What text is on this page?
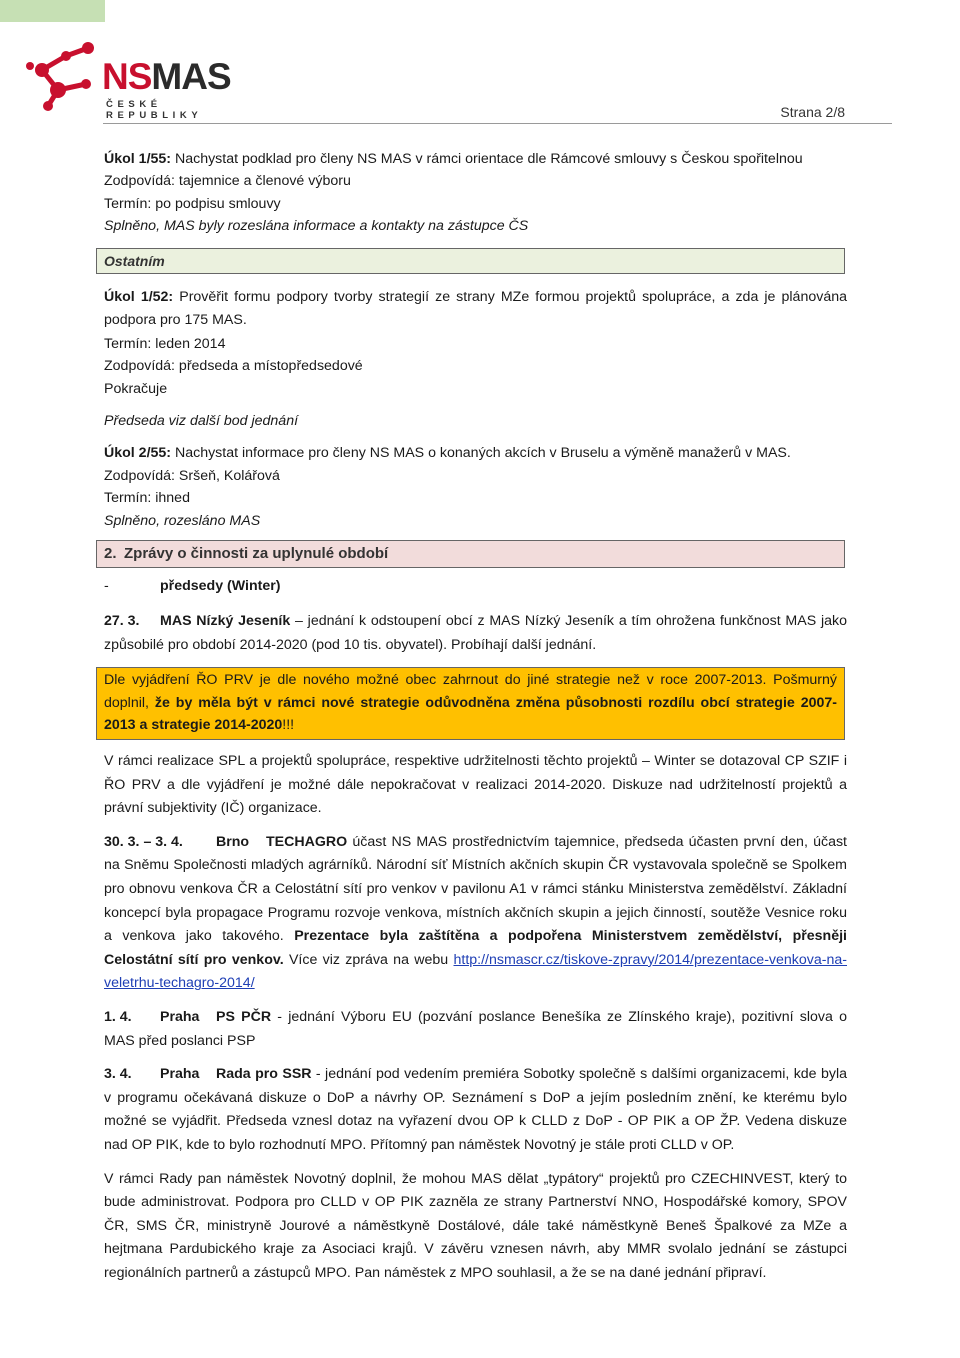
NSMAS
ČESKÉ REPUBLIKY	Strana 2/8

Úkol 1/55: Nachystat podklad pro členy NS MAS v rámci orientace dle Rámcové smlouvy s Českou spořitelnou

Zodpovídá: tajemnice a členové výboru

Termín: po podpisu smlouvy

Splněno, MAS byly rozeslána informace a kontakty na zástupce ČS

Ostatním

Úkol 1/52: Prověřit formu podpory tvorby strategií ze strany MZe formou projektů spolupráce, a zda je plánována podpora pro 175 MAS.

Termín: leden 2014

Zodpovídá: předseda a místopředsedové

Pokračuje

Předseda viz další bod jednání

Úkol 2/55: Nachystat informace pro členy NS MAS o konaných akcích v Bruselu a výměně manažerů v MAS.

Zodpovídá: Sršeň, Kolářová

Termín: ihned

Splněno, rozesláno MAS

2. Zprávy o činnosti za uplynulé období
-	předsedy (Winter)

27. 3. MAS Nízký Jeseník – jednání k odstoupení obcí z MAS Nízký Jeseník a tím ohrožena funkčnost MAS jako způsobilé pro období 2014-2020 (pod 10 tis. obyvatel). Probíhají další jednání.

Dle vyjádření ŘO PRV je dle nového možné obec zahrnout do jiné strategie než v roce 2007-2013. Pošmurný doplnil, že by měla být v rámci nové strategie odůvodněna změna působnosti rozdílu obcí strategie 2007-2013 a strategie 2014-2020!!!

V rámci realizace SPL a projektů spolupráce, respektive udržitelnosti těchto projektů – Winter se dotazoval CP SZIF i ŘO PRV a dle vyjádření je možné dále nepokračovat v realizaci 2014-2020. Diskuze nad udržitelností projektů a právní subjektivity (IČ) organizace.

30. 3. – 3. 4. Brno TECHAGRO účast NS MAS prostřednictvím tajemnice, předseda účasten první den, účast na Sněmu Společnosti mladých agrárníků. Národní síť Místních akčních skupin ČR vystavovala společně se Spolkem pro obnovu venkova ČR a Celostátní sítí pro venkov v pavilonu A1 v rámci stánku Ministerstva zemědělství. Základní koncepcí byla propagace Programu rozvoje venkova, místních akčních skupin a jejich činností, soutěže Vesnice roku a venkova jako takového. Prezentace byla zaštítěna a podpořena Ministerstvem zemědělství, přesněji Celostátní sítí pro venkov. Více viz zpráva na webu http://nsmascr.cz/tiskove-zpravy/2014/prezentace-venkova-na-veletrhu-techagro-2014/

1. 4. Praha PS PČR - jednání Výboru EU (pozvání poslance Benešíka ze Zlínského kraje), pozitivní slova o MAS před poslanci PSP

3. 4. Praha Rada pro SSR - jednání pod vedením premiéra Sobotky společně s dalšími organizacemi, kde byla v programu očekávaná diskuze o DoP a návrhy OP. Seznámení s DoP a jejím posledním znění, ke kterému bylo možné se vyjádřit. Předseda vznesl dotaz na vyřazení dvou OP k CLLD z DoP - OP PIK a OP ŽP. Vedena diskuze nad OP PIK, kde to bylo rozhodnutí MPO. Přítomný pan náměstek Novotný je stále proti CLLD v OP.

V rámci Rady pan náměstek Novotný doplnil, že mohou MAS dělat „typátory“ projektů pro CZECHINVEST, který to bude administrovat. Podpora pro CLLD v OP PIK zazněla ze strany Partnerství NNO, Hospodářské komory, SPOV ČR, SMS ČR, ministryně Jourové a náměstkyně Dostálové, dále také náměstkyně Beneš Špalkové za MZe a hejtmana Pardubického kraje za Asociaci krajů. V závěru vznesen návrh, aby MMR svolalo jednání se zástupci regionálních partnerů a zástupců MPO. Pan náměstek z MPO souhlasil, a že se na dané jednání připraví.
